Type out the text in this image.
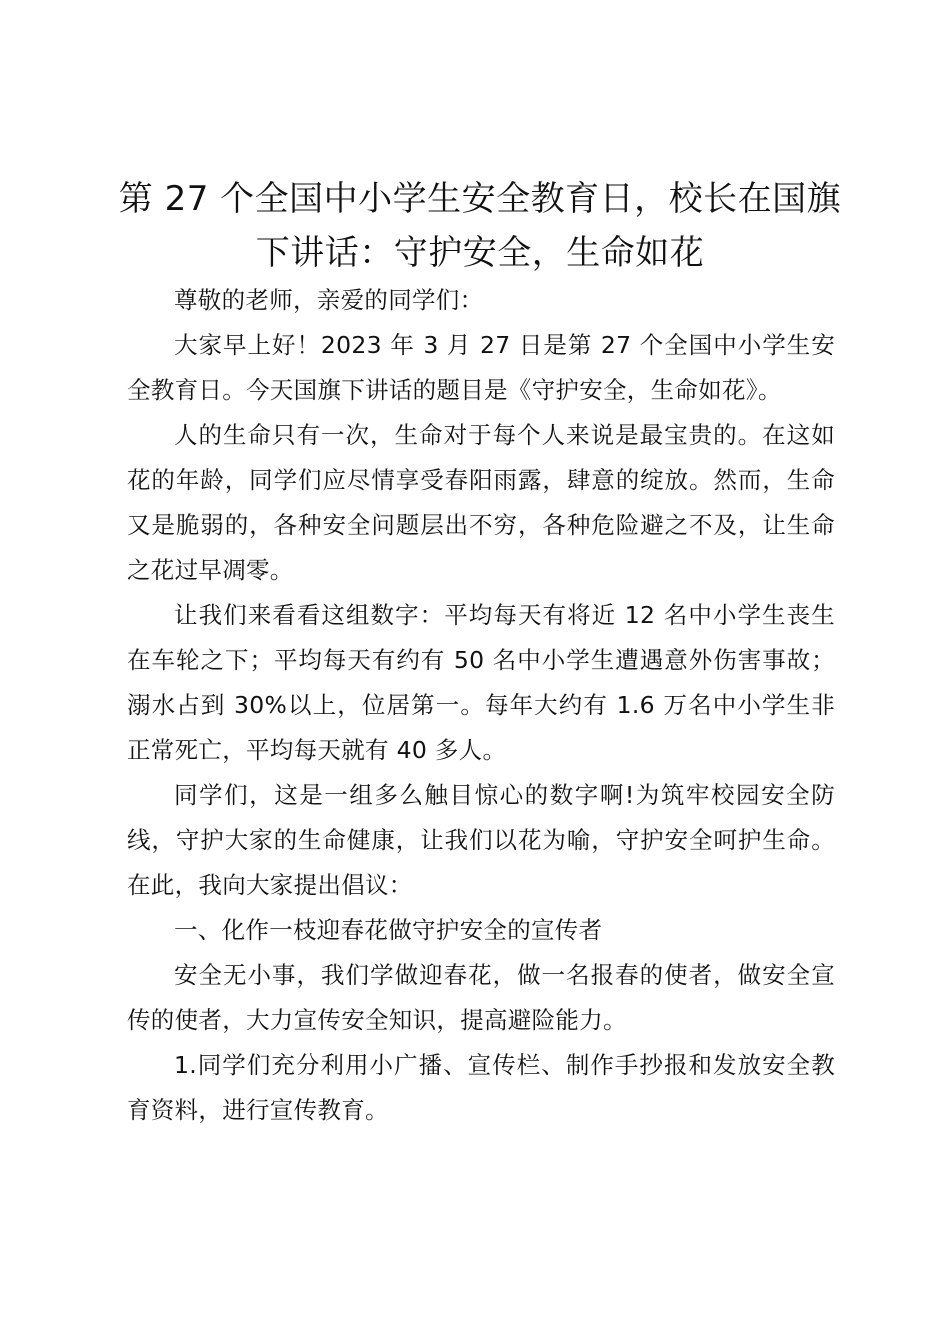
第 27 个全国中小学生安全教育日，校长在国旗下讲话：守护安全，生命如花

尊敬的老师，亲爱的同学们：

大家早上好！2023 年 3 月 27 日是第 27 个全国中小学生安全教育日。今天国旗下讲话的题目是《守护安全，生命如花》。

人的生命只有一次，生命对于每个人来说是最宝贵的。在这如花的年龄，同学们应尽情享受春阳雨露，肆意的绽放。然而，生命又是脆弱的，各种安全问题层出不穷，各种危险避之不及，让生命之花过早凋零。

让我们来看看这组数字：平均每天有将近 12 名中小学生丧生在车轮之下；平均每天有约有 50 名中小学生遭遇意外伤害事故；溺水占到 30%以上，位居第一。每年大约有 1.6 万名中小学生非正常死亡，平均每天就有 40 多人。

同学们，这是一组多么触目惊心的数字啊!为筑牢校园安全防线，守护大家的生命健康，让我们以花为喻，守护安全呵护生命。在此，我向大家提出倡议：

一、化作一枝迎春花做守护安全的宣传者

安全无小事，我们学做迎春花，做一名报春的使者，做安全宣传的使者，大力宣传安全知识，提高避险能力。

1.同学们充分利用小广播、宣传栏、制作手抄报和发放安全教育资料，进行宣传教育。
